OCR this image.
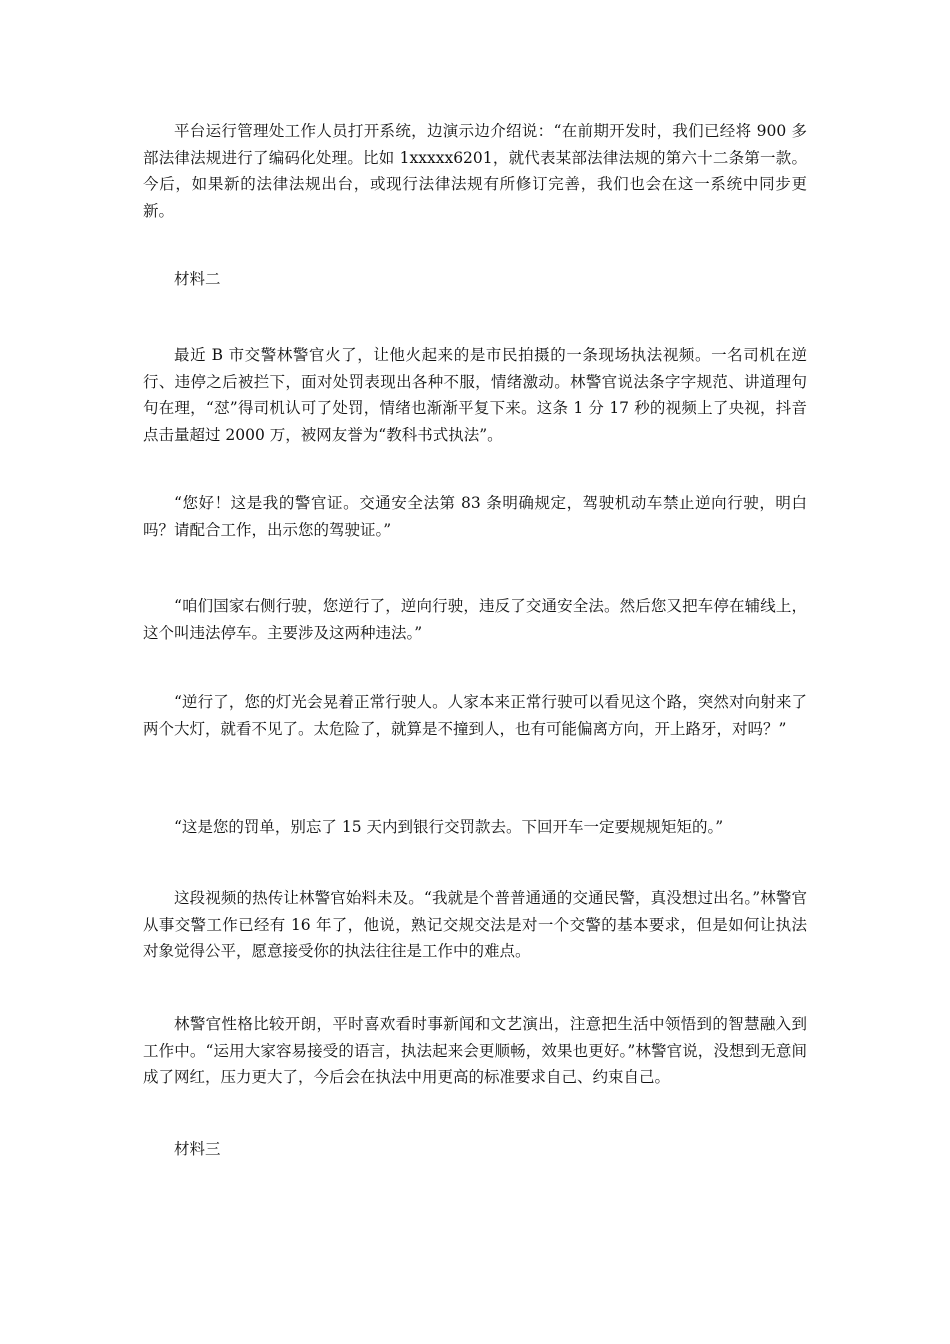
平台运行管理处工作人员打开系统，边演示边介绍说：“在前期开发时，我们已经将 900 多部法律法规进行了编码化处理。比如 1xxxxx6201，就代表某部法律法规的第六十二条第一款。今后，如果新的法律法规出台，或现行法律法规有所修订完善，我们也会在这一系统中同步更新。

材料二

最近 B 市交警林警官火了，让他火起来的是市民拍摄的一条现场执法视频。一名司机在逆行、违停之后被拦下，面对处罚表现出各种不服，情绪激动。林警官说法条字字规范、讲道理句句在理，“怼”得司机认可了处罚，情绪也渐渐平复下来。这条 1 分 17 秒的视频上了央视，抖音点击量超过 2000 万，被网友誉为“教科书式执法”。

“您好！这是我的警官证。交通安全法第 83 条明确规定，驾驶机动车禁止逆向行驶，明白吗？请配合工作，出示您的驾驶证。”

“咱们国家右侧行驶，您逆行了，逆向行驶，违反了交通安全法。然后您又把车停在辅线上，这个叫违法停车。主要涉及这两种违法。”

“逆行了，您的灯光会晃着正常行驶人。人家本来正常行驶可以看见这个路，突然对向射来了两个大灯，就看不见了。太危险了，就算是不撞到人，也有可能偏离方向，开上路牙，对吗？”

“这是您的罚单，别忘了 15 天内到银行交罚款去。下回开车一定要规规矩矩的。”

这段视频的热传让林警官始料未及。“我就是个普普通通的交通民警，真没想过出名。”林警官从事交警工作已经有 16 年了，他说，熟记交规交法是对一个交警的基本要求，但是如何让执法对象觉得公平，愿意接受你的执法往往是工作中的难点。

林警官性格比较开朗，平时喜欢看时事新闻和文艺演出，注意把生活中领悟到的智慧融入到工作中。“运用大家容易接受的语言，执法起来会更顺畅，效果也更好。”林警官说，没想到无意间成了网红，压力更大了，今后会在执法中用更高的标准要求自己、约束自己。

材料三
